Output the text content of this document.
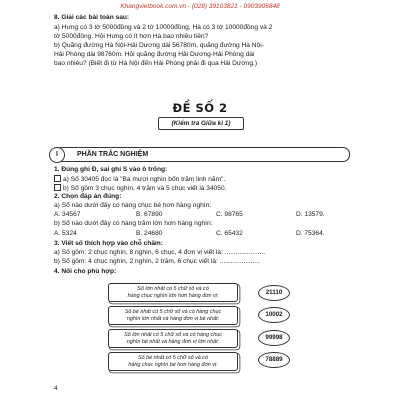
Khangvietbook.com.vn - (028) 39103821 - 0903906848
8. Giải các bài toán sau:
a) Hưng có 3 tờ 5000đồng và 2 tờ 10000đồng, Hà có 3 tờ 10000đồng và 2
tờ 5000đồng. Hỏi Hưng có ít hơn Hà bao nhiêu tiền?
b) Quãng đường Hà Nội-Hải Dương dài 56780m, quãng đường Hà Nội-
Hải Phòng dài 98760m. Hỏi quãng đường Hải Dương-Hải Phòng dài
bao nhiêu? (Biết đi từ Hà Nội đến Hải Phòng phải đi qua Hải Dương.)
ĐỀ SỐ 2
(Kiểm tra Giữa kì 1)
I	PHẦN TRẮC NGHIỆM
1. Đúng ghi Đ, sai ghi S vào ô trống:
a) Số 30405 đọc là "Ba mươi nghìn bốn trăm linh năm".
b) Số gồm 3 chục nghìn, 4 trăm và 5 chục viết là 34050.
2. Chọn đáp án đúng:
a) Số nào dưới đây có hàng chục bé hơn hàng nghìn:
A. 34567	B. 67890	C. 98765	D. 13579.
b) Số nào dưới đây có hàng trăm lớn hơn hàng nghìn:
A. 5324	B. 24680	C. 65432	D. 75364.
3. Viết số thích hợp vào chỗ chấm:
a) Số gồm: 2 chục nghìn, 8 nghìn, 6 chục, 4 đơn vị viết là: ......................
b) Số gồm: 4 chục nghìn, 2 nghìn, 2 trăm, 6 chục viết là: ......................
4. Nối cho phù hợp:
Số lớn nhất có 5 chữ số và có
hàng chục nghìn lớn hơn hàng đơn vị:
Số bé nhất có 5 chữ số và có hàng chục
nghìn lớn nhất và hàng đơn vị bé nhất:
Số lớn nhất có 5 chữ số và có hàng chục
nghìn bé nhất và hàng đơn vị lớn nhất:
Số bé nhất có 5 chữ số và có
hàng chục nghìn bé hơn hàng đơn vị:
21110
10002
99998
78889
4
